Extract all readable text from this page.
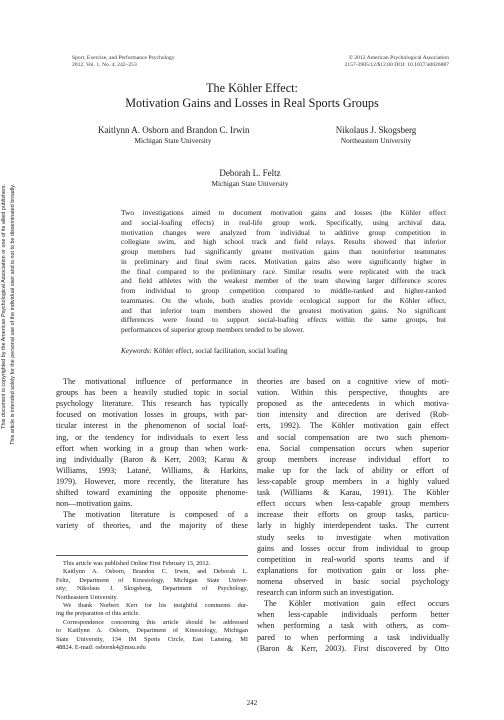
Sport, Exercise, and Performance Psychology
2012, Vol. 1, No. 4, 242–253
© 2012 American Psychological Association
2157-3905/12/$12.00 DOI: 10.1037/a0026887
The Köhler Effect:
Motivation Gains and Losses in Real Sports Groups
Kaitlynn A. Osborn and Brandon C. Irwin
Michigan State University
Nikolaus J. Skogsberg
Northeastern University
Deborah L. Feltz
Michigan State University
This document is copyrighted by the American Psychological Association or one of its allied publishers. This article is intended solely for the personal use of the individual user and is not to be disseminated broadly.	Two investigations aimed to document motivation gains and losses (the Köhler effect
and social-loafing effects) in real-life group work. Specifically, using archival data,
motivation changes were analyzed from individual to additive group competition in
collegiate swim, and high school track and field relays. Results showed that inferior
group members had significantly greater motivation gains than noninferior teammates
in preliminary and final swim races. Motivation gains also were significantly higher in
the final compared to the preliminary race. Similar results were replicated with the track
and field athletes with the weakest member of the team showing larger difference scores
from individual to group competition compared to middle-ranked and higher-ranked
teammates. On the whole, both studies provide ecological support for the Köhler effect,
and that inferior team members showed the greatest motivation gains. No significant
differences were found to support social-loafing effects within the same groups, but
performances of superior group members tended to be slower.
Keywords: Köhler effect, social facilitation, social loafing
The motivational influence of performance in
groups has been a heavily studied topic in social
psychology literature. This research has typically
focused on motivation losses in groups, with par-
ticular interest in the phenomenon of social loaf-
ing, or the tendency for individuals to exert less
effort when working in a group than when work-
ing individually (Baron & Kerr, 2003; Karau &
Williams, 1993; Latané, Williams, & Harkins,
1979). However, more recently, the literature has
shifted toward examining the opposite phenome-
non—motivation gains.
The motivation literature is composed of a
variety of theories, and the majority of these
This article was published Online First February 13, 2012.
Kaitlynn A. Osborn, Brandon C. Irwin, and Deborah L.
Feltz, Department of Kinesiology, Michigan State Univer-
sity; Nikolaus J. Skogsberg, Department of Psychology,
Northeastern University.
We thank Norbert Kerr for his insightful comments dur-
ing the preparation of this article.
Correspondence concerning this article should be addressed
to Kaitlynn A. Osborn, Department of Kinesiology, Michigan
State University, 134 IM Sports Circle, East Lansing, MI
48824. E-mail: osbornk4@msu.edu
theories are based on a cognitive view of moti-
vation. Within this perspective, thoughts are
proposed as the antecedents in which motiva-
tion intensity and direction are derived (Rob-
erts, 1992). The Köhler motivation gain effect
and social compensation are two such phenom-
ena. Social compensation occurs when superior
group members increase individual effort to
make up for the lack of ability or effort of
less-capable group members in a highly valued
task (Williams & Karau, 1991). The Köhler
effect occurs when less-capable group members
increase their efforts on group tasks, particu-
larly in highly interdependent tasks. The current
study seeks to investigate when motivation
gains and losses occur from individual to group
competition in real-world sports teams and if
explanations for motivation gain or loss phe-
nomena observed in basic social psychology
research can inform such an investigation.
The Köhler motivation gain effect occurs
when less-capable individuals perform better
when performing a task with others, as com-
pared to when performing a task individually
(Baron & Kerr, 2003). First discovered by Otto
242
